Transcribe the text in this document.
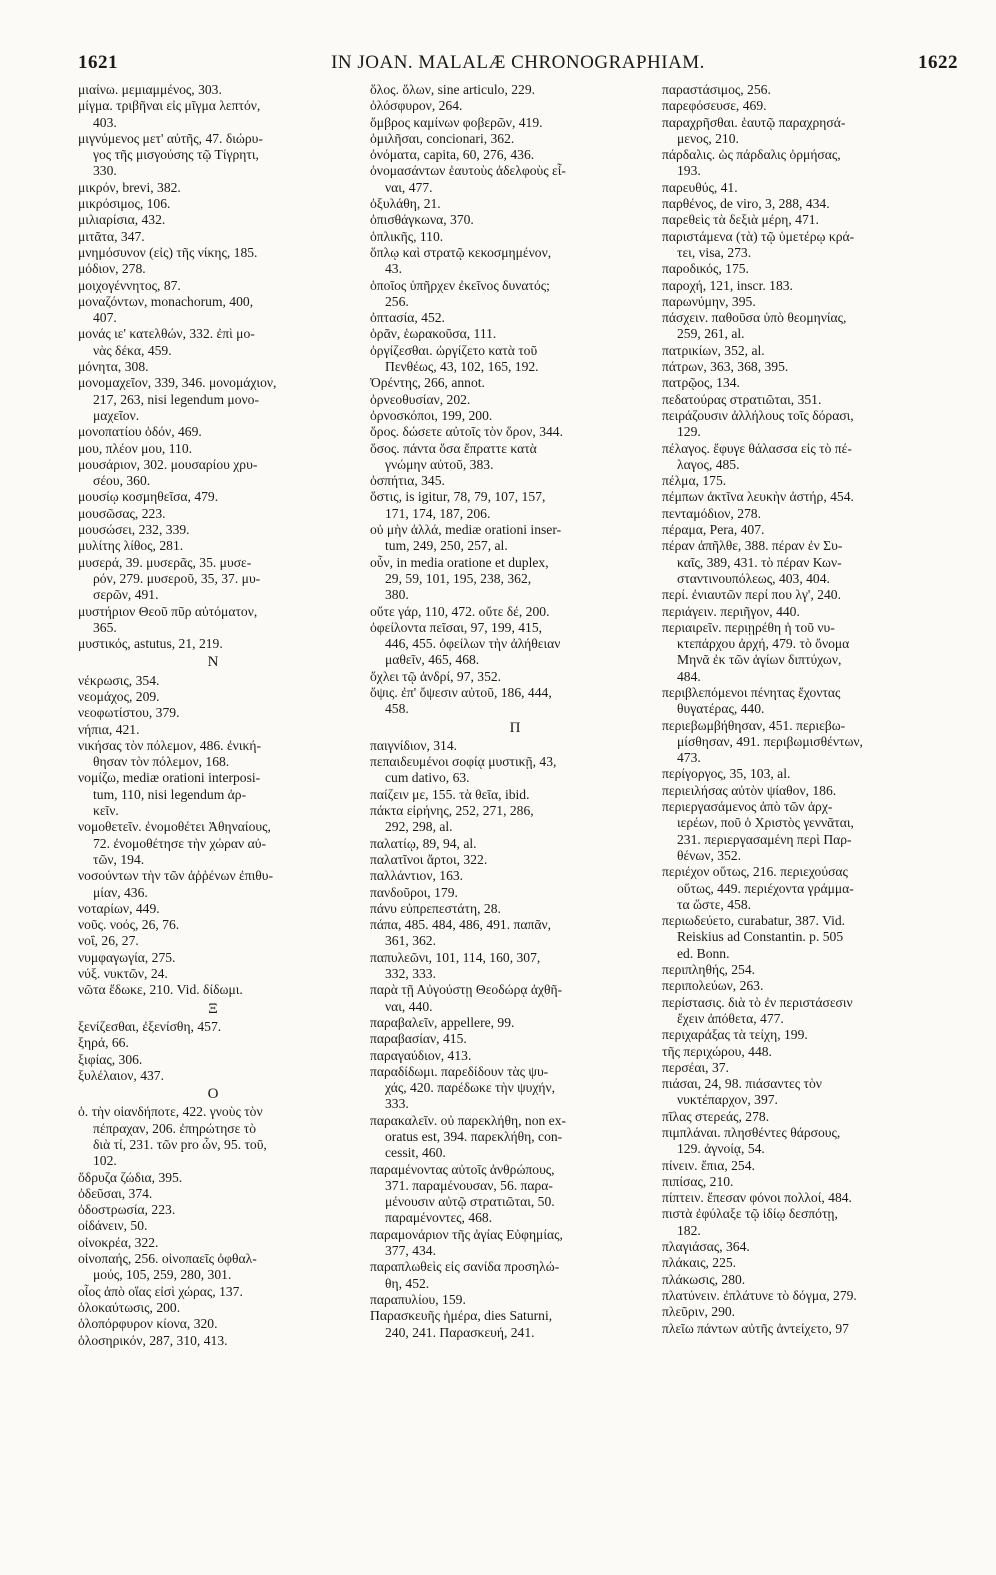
1621	IN JOAN. MALALÆ CHRONOGRAPHIAM.	1622
μιαίνω. μεμιαμμένος, 303.
μίγμα. τριβῆναι εἰς μῖγμα λεπτόν,
403.
μιγνύμενος μετ' αὐτῆς, 47. διώρυ-
γος τῆς μισγούσης τῷ Τίγρητι,
330.
μικρόν, brevi, 382.
μικρόσιμος, 106.
μιλιαρίσια, 432.
μιτᾶτα, 347.
μνημόσυνον (εἰς) τῆς νίκης, 185.
μόδιον, 278.
μοιχογέννητος, 87.
μοναζόντων, monachorum, 400,
407.
μονάς ιε' κατελθών, 332. ἐπὶ μο-
νὰς δέκα, 459.
μόνητα, 308.
μονομαχεῖον, 339, 346. μονομάχιον,
217, 263, nisi legendum μονο-
μαχεῖον.
μονοπατίου ὁδόν, 469.
μου, πλέον μου, 110.
μουσάριον, 302. μουσαρίου χρυ-
σέου, 360.
μουσίῳ κοσμηθεῖσα, 479.
μουσῶσας, 223.
μουσώσει, 232, 339.
μυλίτης λίθος, 281.
μυσερά, 39. μυσερᾶς, 35. μυσε-
ρόν, 279. μυσεροῦ, 35, 37. μυ-
σερῶν, 491.
μυστήριον Θεοῦ πῦρ αὐτόματον,
365.
μυστικός, astutus, 21, 219.
N
νέκρωσις, 354.
νεομάχος, 209.
νεοφωτίστου, 379.
νήπια, 421.
νικήσας τὸν πόλεμον, 486. ἐνική-
θησαν τὸν πόλεμον, 168.
νομίζω, mediæ orationi interposi-
tum, 110, nisi legendum ἀρ-
κεῖν.
νομοθετεῖν. ἐνομοθέτει Ἀθηναίους,
72. ἐνομοθέτησε τὴν χώραν αὐ-
τῶν, 194.
νοσούντων τὴν τῶν ἀῤῥένων ἐπιθυ-
μίαν, 436.
νοταρίων, 449.
νοῦς. νοός, 26, 76.
νοΐ, 26, 27.
νυμφαγωγία, 275.
νύξ. νυκτῶν, 24.
νῶτα ἔδωκε, 210. Vid. δίδωμι.
Ξ
ξενίζεσθαι, ἐξενίσθη, 457.
ξηρά, 66.
ξιφίας, 306.
ξυλέλαιον, 437.
O
ὁ. τὴν οἱανδήποτε, 422. γνοὺς τὸν
πέπραχαν, 206. ἐπηρώτησε τὸ
διὰ τί, 231. τῶν pro ὧν, 95. τοῦ,
102.
ὄδρυζα ζώδια, 395.
ὀδεῦσαι, 374.
ὀδοστρωσία, 223.
οἰδάνειν, 50.
οἰνοκρέα, 322.
οἰνοπαής, 256. οἰνοπαεῖς ὀφθαλ-
μούς, 105, 259, 280, 301.
οἷος ἀπὸ οἵας εἰσὶ χώρας, 137.
ὁλοκαύτωσις, 200.
ὁλοπόρφυρον κίονα, 320.
ὁλοσηρικόν, 287, 310, 413.
ὅλος. ὅλων, sine articulo, 229.
ὁλόσφυρον, 264.
ὄμβρος καμίνων φοβερῶν, 419.
ὁμιλῆσαι, concionari, 362.
ὀνόματα, capita, 60, 276, 436.
ὀνομασάντων ἑαυτοὺς ἀδελφοὺς εἶ-
ναι, 477.
ὀξυλάθη, 21.
ὀπισθάγκωνα, 370.
ὁπλικῆς, 110.
ὅπλῳ καὶ στρατῷ κεκοσμημένον,
43.
ὁποῖος ὑπῆρχεν ἐκεῖνος δυνατός;
256.
ὀπτασία, 452.
ὁρᾶν, ἑωρακοῦσα, 111.
ὀργίζεσθαι. ὠργίζετο κατὰ τοῦ
Πενθέως, 43, 102, 165, 192.
Ὀρέντης, 266, annot.
ὀρνεοθυσίαν, 202.
ὀρνοσκόποι, 199, 200.
ὅρος. δώσετε αὐτοῖς τὸν ὅρον, 344.
ὅσος. πάντα ὅσα ἔπραττε κατὰ
γνώμην αὐτοῦ, 383.
ὀσπήτια, 345.
ὅστις, is igitur, 78, 79, 107, 157,
171, 174, 187, 206.
οὐ μὴν ἀλλά, mediæ orationi inser-
tum, 249, 250, 257, al.
οὖν, in media oratione et duplex,
29, 59, 101, 195, 238, 362,
380.
οὔτε γάρ, 110, 472. οὔτε δέ, 200.
ὀφείλοντα πεῖσαι, 97, 199, 415,
446, 455. ὀφείλων τὴν ἀλήθειαν
μαθεῖν, 465, 468.
ὄχλει τῷ ἀνδρί, 97, 352.
ὄψις. ἐπ' ὄψεσιν αὐτοῦ, 186, 444,
458.
Π
παιγνίδιον, 314.
πεπαιδευμένοι σοφίᾳ μυστικῇ, 43,
cum dativo, 63.
παίζειν με, 155. τὰ θεῖα, ibid.
πάκτα εἰρήνης, 252, 271, 286,
292, 298, al.
παλατίῳ, 89, 94, al.
παλατῖνοι ἄρτοι, 322.
παλλάντιον, 163.
πανδοῦροι, 179.
πάνυ εὐπρεπεστάτη, 28.
πάπα, 485. 484, 486, 491. παπᾶν,
361, 362.
παπυλεῶνι, 101, 114, 160, 307,
332, 333.
παρὰ τῇ Αὐγούστῃ Θεοδώρᾳ ἀχθῆ-
ναι, 440.
παραβαλεῖν, appellere, 99.
παραβασίαν, 415.
παραγαύδιον, 413.
παραδίδωμι. παρεδίδουν τὰς ψυ-
χάς, 420. παρέδωκε τὴν ψυχήν,
333.
παρακαλεῖν. οὐ παρεκλήθη, non ex-
oratus est, 394. παρεκλήθη, con-
cessit, 460.
παραμένοντας αὐτοῖς ἀνθρώπους,
371. παραμένουσαν, 56. παρα-
μένουσιν αὐτῷ στρατιῶται, 50.
παραμένοντες, 468.
παραμονάριον τῆς ἁγίας Εὐφημίας,
377, 434.
παραπλωθεὶς εἰς σανίδα προσηλώ-
θη, 452.
παραπυλίου, 159.
Παρασκευῆς ἡμέρα, dies Saturni,
240, 241. Παρασκευή, 241.
παραστάσιμος, 256.
παρεφόσευσε, 469.
παραχρῆσθαι. ἑαυτῷ παραχρησά-
μενος, 210.
πάρδαλις. ὡς πάρδαλις ὁρμήσας,
193.
παρευθύς, 41.
παρθένος, de viro, 3, 288, 434.
παρεθεὶς τὰ δεξιὰ μέρη, 471.
παριστάμενα (τὰ) τῷ ὑμετέρῳ κρά-
τει, visa, 273.
παροδικός, 175.
παροχή, 121, inscr. 183.
παρωνύμην, 395.
πάσχειν. παθοῦσα ὑπὸ θεομηνίας,
259, 261, al.
πατρικίων, 352, al.
πάτρων, 363, 368, 395.
πατρῷος, 134.
πεδατούρας στρατιῶται, 351.
πειράζουσιν ἀλλήλους τοῖς δόρασι,
129.
πέλαγος. ἔφυγε θάλασσα εἰς τὸ πέ-
λαγος, 485.
πέλμα, 175.
πέμπων ἀκτῖνα λευκὴν ἀστήρ, 454.
πενταμόδιον, 278.
πέραμα, Pera, 407.
πέραν ἀπῆλθε, 388. πέραν ἐν Συ-
καῖς, 389, 431. τὸ πέραν Κων-
σταντινουπόλεως, 403, 404.
περί. ἐνιαυτῶν περί που λγ', 240.
περιάγειν. περιῆγον, 440.
περιαιρεῖν. περιῃρέθη ἡ τοῦ νυ-
κτεπάρχου ἀρχή, 479. τὸ ὄνομα
Μηνᾶ ἐκ τῶν ἁγίων διπτύχων,
484.
περιβλεπόμενοι πένητας ἔχοντας
θυγατέρας, 440.
περιεβωμβήθησαν, 451. περιεβω-
μίσθησαν, 491. περιβωμισθέντων,
473.
περίγοργος, 35, 103, al.
περιειλήσας αὐτὸν ψίαθον, 186.
περιεργασάμενος ἀπὸ τῶν ἀρχ-
ιερέων, ποῦ ὁ Χριστὸς γεννᾶται,
231. περιεργασαμένη περὶ Παρ-
θένων, 352.
περιέχον οὕτως, 216. περιεχούσας
οὕτως, 449. περιέχοντα γράμμα-
τα ὥστε, 458.
περιωδεύετο, curabatur, 387. Vid.
Reiskius ad Constantin. p. 505
ed. Bonn.
περιπληθής, 254.
περιπολεύων, 263.
περίστασις. διὰ τὸ ἐν περιστάσεσιν
ἔχειν ἀπόθετα, 477.
περιχαράξας τὰ τείχη, 199.
τῆς περιχώρου, 448.
περσέαι, 37.
πιάσαι, 24, 98. πιάσαντες τὸν
νυκτέπαρχον, 397.
πῖλας στερεάς, 278.
πιμπλάναι. πλησθέντες θάρσους,
129. ἀγνοίᾳ, 54.
πίνειν. ἔπια, 254.
πιπίσας, 210.
πίπτειν. ἔπεσαν φόνοι πολλοί, 484.
πιστὰ ἐφύλαξε τῷ ἰδίῳ δεσπότῃ,
182.
πλαγιάσας, 364.
πλάκαις, 225.
πλάκωσις, 280.
πλατύνειν. ἐπλάτυνε τὸ δόγμα, 279.
πλεῦριν, 290.
πλεῖω πάντων αὐτῆς ἀντείχετο, 97
